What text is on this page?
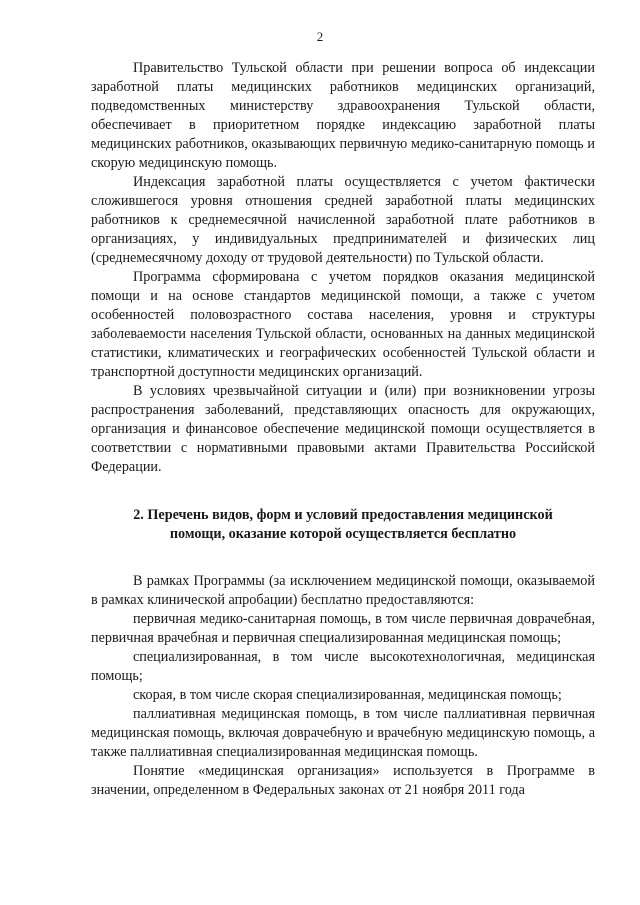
2

Правительство Тульской области при решении вопроса об индексации заработной платы медицинских работников медицинских организаций, подведомственных министерству здравоохранения Тульской области, обеспечивает в приоритетном порядке индексацию заработной платы медицинских работников, оказывающих первичную медико-санитарную помощь и скорую медицинскую помощь.

Индексация заработной платы осуществляется с учетом фактически сложившегося уровня отношения средней заработной платы медицинских работников к среднемесячной начисленной заработной плате работников в организациях, у индивидуальных предпринимателей и физических лиц (среднемесячному доходу от трудовой деятельности) по Тульской области.

Программа сформирована с учетом порядков оказания медицинской помощи и на основе стандартов медицинской помощи, а также с учетом особенностей половозрастного состава населения, уровня и структуры заболеваемости населения Тульской области, основанных на данных медицинской статистики, климатических и географических особенностей Тульской области и транспортной доступности медицинских организаций.

В условиях чрезвычайной ситуации и (или) при возникновении угрозы распространения заболеваний, представляющих опасность для окружающих, организация и финансовое обеспечение медицинской помощи осуществляется в соответствии с нормативными правовыми актами Правительства Российской Федерации.

2. Перечень видов, форм и условий предоставления медицинской
помощи, оказание которой осуществляется бесплатно

В рамках Программы (за исключением медицинской помощи, оказываемой в рамках клинической апробации) бесплатно предоставляются:

первичная медико-санитарная помощь, в том числе первичная доврачебная, первичная врачебная и первичная специализированная медицинская помощь;

специализированная, в том числе высокотехнологичная, медицинская помощь;

скорая, в том числе скорая специализированная, медицинская помощь;

паллиативная медицинская помощь, в том числе паллиативная первичная медицинская помощь, включая доврачебную и врачебную медицинскую помощь, а также паллиативная специализированная медицинская помощь.

Понятие «медицинская организация» используется в Программе в значении, определенном в Федеральных законах от 21 ноября 2011 года
